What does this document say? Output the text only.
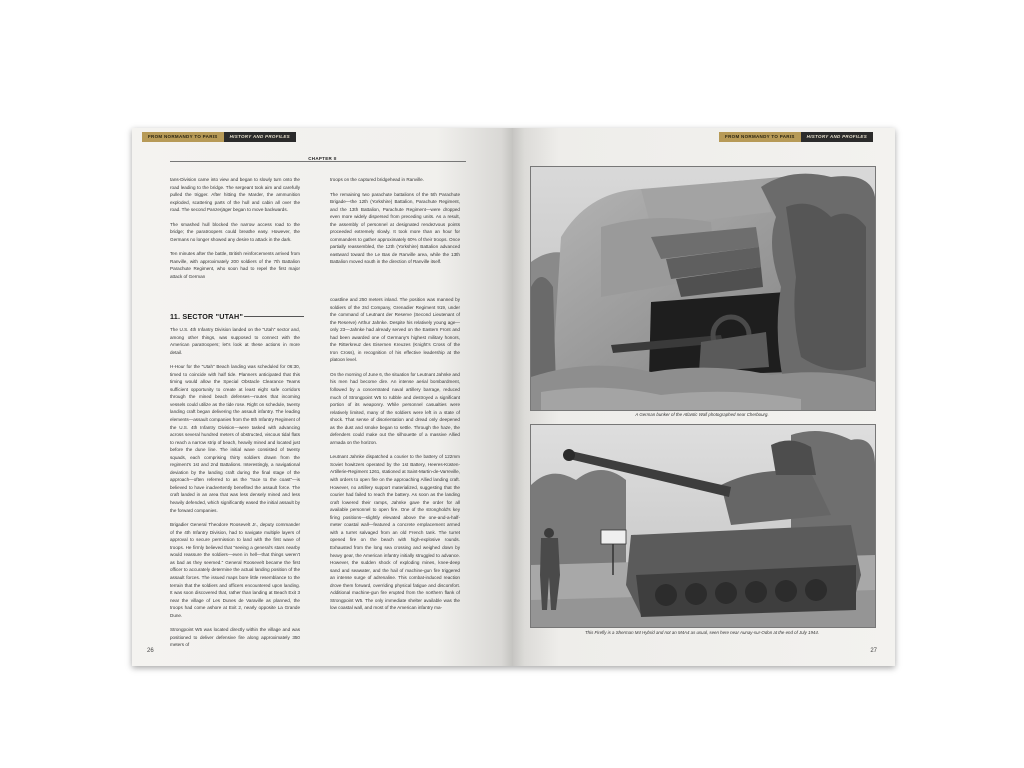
FROM NORMANDY TO PARIS	HISTORY AND PROFILES
CHAPTER II

tans-Division came into view and began to slowly turn onto the road leading to the bridge. The sergeant took aim and carefully pulled the trigger. After hitting the Marder, the ammunition exploded, scattering parts of the hull and cabin all over the road. The second Panzerjäger began to move backwards.

The smashed hull blocked the narrow access road to the bridge; the paratroopers could breathe easy. However, the Germans no longer showed any desire to attack in the dark.

Ten minutes after the battle, British reinforcements arrived from Ranville, with approximately 200 soldiers of the 7th Battalion Parachute Regiment, who soon had to repel the first major attack of German

troops on the captured bridgehead in Ranville.

The remaining two parachute battalions of the 5th Parachute Brigade—the 12th (Yorkshire) Battalion, Parachute Regiment, and the 13th Battalion, Parachute Regiment—were dropped even more widely dispersed from preceding units. As a result, the assembly of personnel at designated rendezvous points proceeded extremely slowly. It took more than an hour for commanders to gather approximately 60% of their troops. Once partially reassembled, the 12th (Yorkshire) Battalion advanced eastward toward the Le Bas de Ranville area, while the 13th Battalion moved south in the direction of Ranville itself.

11. SECTOR "UTAH"

The U.S. 4th Infantry Division landed on the "Utah" sector and, among other things, was supposed to connect with the American paratroopers; let's look at these actions in more detail.

H-Hour for the "Utah" Beach landing was scheduled for 06:30, timed to coincide with half tide. Planners anticipated that this timing would allow the Special Obstacle Clearance Teams sufficient opportunity to create at least eight safe corridors through the mined beach defenses—routes that incoming vessels could utilize as the tide rose. Right on schedule, twenty landing craft began delivering the assault infantry. The leading elements—assault companies from the 8th Infantry Regiment of the U.S. 4th Infantry Division—were tasked with advancing across several hundred meters of obstructed, viscous tidal flats to reach a narrow strip of beach, heavily mined and located just before the dune line. The initial wave consisted of twenty squads, each comprising thirty soldiers drawn from the regiment's 1st and 2nd Battalions. Interestingly, a navigational deviation by the landing craft during the final stage of the approach—often referred to as the "race to the coast"—is believed to have inadvertently benefited the assault force. The craft landed in an area that was less densely mined and less heavily defended, which significantly eased the initial assault by the forward companies.

Brigadier General Theodore Roosevelt Jr., deputy commander of the 4th Infantry Division, had to navigate multiple layers of approval to secure permission to land with the first wave of troops. He firmly believed that "seeing a general's stars nearby would reassure the soldiers—even in hell—that things weren't as bad as they seemed." General Roosevelt became the first officer to accurately determine the actual landing position of the assault forces. The issued maps bore little resemblance to the terrain that the soldiers and officers encountered upon landing. It was soon discovered that, rather than landing at Beach Exit 3 near the village of Les Dunes de Varaville as planned, the troops had come ashore at Exit 2, nearly opposite La Grande Dune.

Strongpoint W5 was located directly within the village and was positioned to deliver defensive fire along approximately 350 meters of

coastline and 250 meters inland. The position was manned by soldiers of the 3rd Company, Grenadier Regiment 919, under the command of Leutnant der Reserve (Second Lieutenant of the Reserve) Arthur Jahnke. Despite his relatively young age—only 23—Jahnke had already served on the Eastern Front and had been awarded one of Germany's highest military honors, the Ritterkreuz des Eisernen Kreuzes (Knight's Cross of the Iron Cross), in recognition of his effective leadership at the platoon level.

On the morning of June 6, the situation for Leutnant Jahnke and his men had become dire. An intense aerial bombardment, followed by a concentrated naval artillery barrage, reduced much of Strongpoint W5 to rubble and destroyed a significant portion of its weaponry. While personnel casualties were relatively limited, many of the soldiers were left in a state of shock. That sense of disorientation and dread only deepened as the dust and smoke began to settle. Through the haze, the defenders could make out the silhouette of a massive Allied armada on the horizon.

Leutnant Jahnke dispatched a courier to the battery of 122mm Soviet howitzers operated by the 1st Battery, Heeres-Küsten-Artillerie-Regiment 1261, stationed at Saint-Martin-de-Varreville, with orders to open fire on the approaching Allied landing craft. However, no artillery support materialized, suggesting that the courier had failed to reach the battery. As soon as the landing craft lowered their ramps, Jahnke gave the order for all available personnel to open fire. One of the stronghold's key firing positions—slightly elevated above the one-and-a-half-meter coastal wall—featured a concrete emplacement armed with a turret salvaged from an old French tank. The turret opened fire on the beach with high-explosive rounds. Exhausted from the long sea crossing and weighed down by heavy gear, the American infantry initially struggled to advance. However, the sudden shock of exploding mines, knee-deep sand and seawater, and the hail of machine-gun fire triggered an intense surge of adrenaline. This combat-induced reaction drove them forward, overriding physical fatigue and discomfort. Additional machine-gun fire erupted from the northern flank of Strongpoint W5. The only immediate shelter available was the low coastal wall, and most of the American infantry ma-

26
FROM NORMANDY TO PARIS	HISTORY AND PROFILES
A German bunker of the Atlantic Wall photographed near Cherbourg.
This Firefly is a Sherman M4 Hybrid and not an M4A4 as usual, seen here near Aunay-sur-Odon at the end of July 1944.
27
